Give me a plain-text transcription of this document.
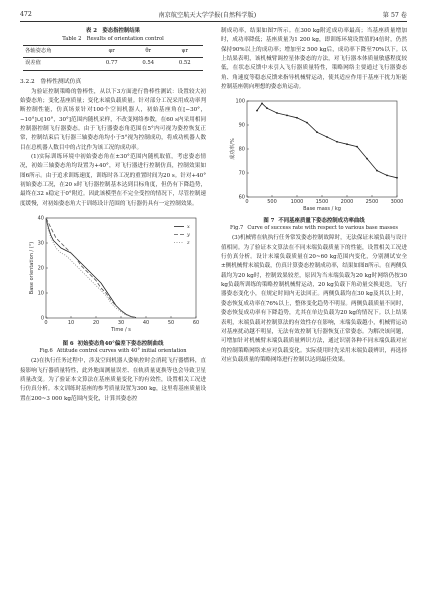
472	南京航空航天大学学报(自然科学版)	第 57 卷
表 2　姿态指控制结果
Table 2　Results of orientation control
各轴姿态角	φr	θr	ψr
误差值	0.77	0.54	0.52
3.2.2　鲁棒性测试仿真

为验证控制策略的鲁棒性，从以下3方面进行鲁棒性测试：设置较大初始姿态角；变化基座质量；变化末端负载质量。针对部分工况采用成功率判断控制性能，仿真场景针对100个空间机器人，初始基座角在[−30°，−10°]∪[10°，30°]范围内随机采样，不改变网络参数，在60 s内采用相同控制器控制飞行器姿态。由于飞行器姿态角范围在5°内可视为姿控恢复正常，控制结束后飞行器三轴姿态角均小于5°视为控制成功，将成功机器人数目在总机器人数目中的占比作为该工况的成功率。

(1)实际训练环境中初始姿态角在±30°范围内随机取值，考虑姿态情况，初始三轴姿态角均设置为+40°，对飞行器进行控制仿真，控制效果如图6所示。由于追求训练速度，训练时各工况的重置时间为20 s。针对+40°初始姿态工况，在20 s时飞行器控制基本达到目标角度，但仍有下降趋势，最终在32 s稳定于0°附近。因此该模型在不完全受控的情况下，尽管控制速度缓慢，对初始姿态角大于训练设计范围的飞行器仍具有一定控制效果。

0	10	20	30	40	50	60
0
10
20
30
40
Time / s
Base orientation / (°)
x
y
z
图 6 初始姿态角40°偏差下姿态控制曲线
Fig.6 Attitude control curves with 40° initial orientation

(2)在执行任务过程中，涉及空间机器人姿轨控时会消耗飞行器燃料，直接影响飞行器质量特性，此外地面测量误差、在轨质量更换等也会导致卫星质量改变。为了验证本文算法在基座质量变化下的有效性，设置相关工况进行仿真分析。本文训练时基座的参考质量设置为300 kg，这里将基座质量设置在200~3 000 kg范围内变化，计算其姿态控

制成功率，结果如图7所示。在300 kg附近成功率最高；当基座质量增加时，成功率降低；基座质量为1 200 kg，即训练环境设置值的4倍时，仍然保持90%以上的成功率；增加至2 500 kg后，成功率下降至70%以下。以上结果表明，该机械臂调控星体姿态的方法，对飞行器本体质量敏感程度较低，在状态反馈中未引入飞行器质量特性，策略网络主要通过飞行器姿态角、角速度等稳态反馈来指导机械臂运动，使其适应作用于基座干扰力矩能控制基座朝向理想的姿态角运动。

0	500	1000 1500 2000 2500 3000
60
70
80
90
100
Base mass / kg
成功率/%
图 7 不同基座质量下姿态控制成功率曲线
Fig.7 Curve of success rate with respect to various base masses

(3)机械臂在轨执行任务常发姿态控制故障时，无法保证末端负载与设计值相同。为了验证本文算法在不同末端负载质量下的性能，设置相关工况进行仿真分析。设计末端负载质量在20~60 kg范围内变化，分别测试安全±侧机械臂末端负载，仿真计算姿态控制成功率，结果如图8所示。在两侧负载均为20 kg时，控制效果较差，原因为当末端负载为20 kg时网络仍按30 kg负载所训练的策略控制机械臂运动，20 kg负载下角动量交换更迭，飞行器姿态变化小，在规定时间内无法回正。两侧负载均在30 kg及其以上时，姿态恢复成功率在76%以上，整体变化趋势不明显。两侧负载质量不同时，姿态恢复成功率有下降趋势，尤其在单边负载为20 kg的情况下。以上结果表明，末端负载对控制算法的有效性存在影响，末端负载越小，机械臂运动对基座扰动越不明显，无法有效控制飞行器恢复正常姿态。为解决该问题，可增加针对机械臂末端负载质量辨识方法，通过识别各种不同末端负载对应的控制策略网络来应对负载变化。实际使用时先采用末端负载辨识，再选择对应负载质量的策略网络进行控制以达到最佳效果。
